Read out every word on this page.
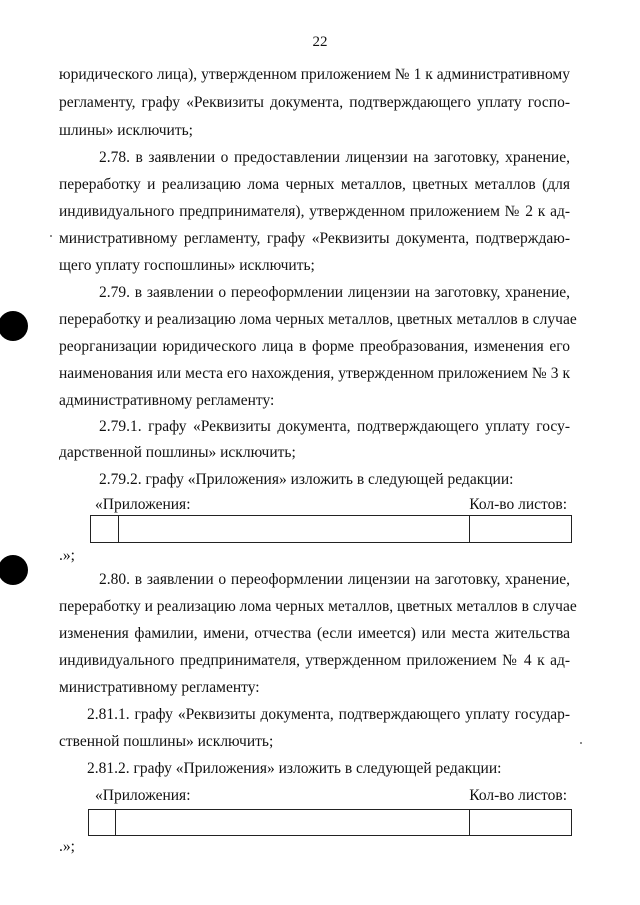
22
юридического лица), утвержденном приложением № 1 к административному
регламенту, графу «Реквизиты документа, подтверждающего уплату госпо-
шлины» исключить;
2.78. в заявлении о предоставлении лицензии на заготовку, хранение,
переработку и реализацию лома черных металлов, цветных металлов (для
индивидуального предпринимателя), утвержденном приложением № 2 к ад-
министративному регламенту, графу «Реквизиты документа, подтверждаю-
щего уплату госпошлины» исключить;
2.79. в заявлении о переоформлении лицензии на заготовку, хранение,
переработку и реализацию лома черных металлов, цветных металлов в случае
реорганизации юридического лица в форме преобразования, изменения его
наименования или места его нахождения, утвержденном приложением № 3 к
административному регламенту:
2.79.1. графу «Реквизиты документа, подтверждающего уплату госу-
дарственной пошлины» исключить;
2.79.2. графу «Приложения» изложить в следующей редакции:
«Приложения:	Кол-во листов:
.»;
2.80. в заявлении о переоформлении лицензии на заготовку, хранение,
переработку и реализацию лома черных металлов, цветных металлов в случае
изменения фамилии, имени, отчества (если имеется) или места жительства
индивидуального предпринимателя, утвержденном приложением № 4 к ад-
министративному регламенту:
2.81.1. графу «Реквизиты документа, подтверждающего уплату государ-
ственной пошлины» исключить;
2.81.2. графу «Приложения» изложить в следующей редакции:
«Приложения:	Кол-во листов:
.»;
